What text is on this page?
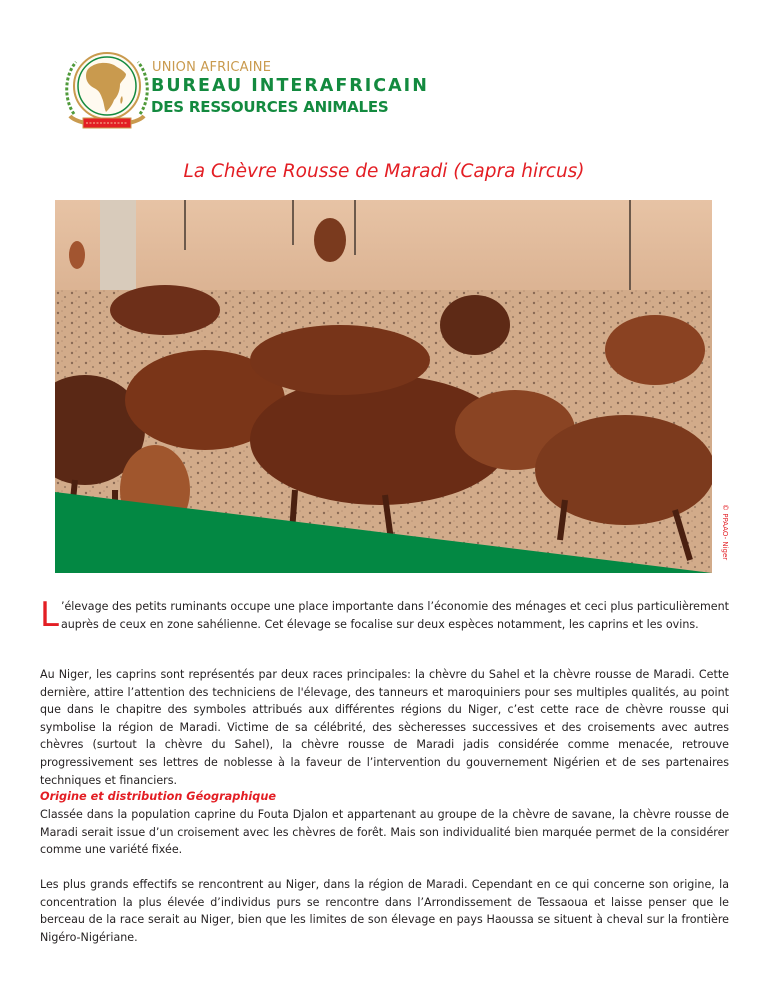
UNION AFRICAINE
BUREAU INTERAFRICAIN
DES RESSOURCES ANIMALES
La Chèvre Rousse de Maradi (Capra hircus)
© PPAAO- Niger
L ’élevage des petits ruminants occupe une place importante dans l’économie des ménages et ceci plus particulièrement auprès de ceux en zone sahélienne. Cet élevage se focalise sur deux espèces notamment, les caprins et les ovins.

Au Niger, les caprins sont représentés par deux races principales: la chèvre du Sahel et la chèvre rousse de Maradi. Cette dernière, attire l’attention des techniciens de l'élevage, des tanneurs et maroquiniers pour ses multiples qualités, au point que dans le chapitre des symboles attribués aux différentes régions du Niger, c’est cette race de chèvre rousse qui symbolise la région de Maradi. Victime de sa célébrité, des sècheresses successives et des croisements avec autres chèvres (surtout la chèvre du Sahel), la chèvre rousse de Maradi jadis considérée comme menacée, retrouve progressivement ses lettres de noblesse à la faveur de l’intervention du gouvernement Nigérien et de ses partenaires techniques et financiers.

Origine et distribution Géographique

Classée dans la population caprine du Fouta Djalon et appartenant au groupe de la chèvre de savane, la chèvre rousse de Maradi serait issue d’un croisement avec les chèvres de forêt. Mais son individualité bien marquée permet de la considérer comme une variété fixée.

Les plus grands effectifs se rencontrent au Niger, dans la région de Maradi. Cependant en ce qui concerne son origine, la concentration la plus élevée d’individus purs se rencontre dans l’Arrondissement de Tessaoua et laisse penser que le berceau de la race serait au Niger, bien que les limites de son élevage en pays Haoussa se situent à cheval sur la frontière Nigéro-Nigériane.
